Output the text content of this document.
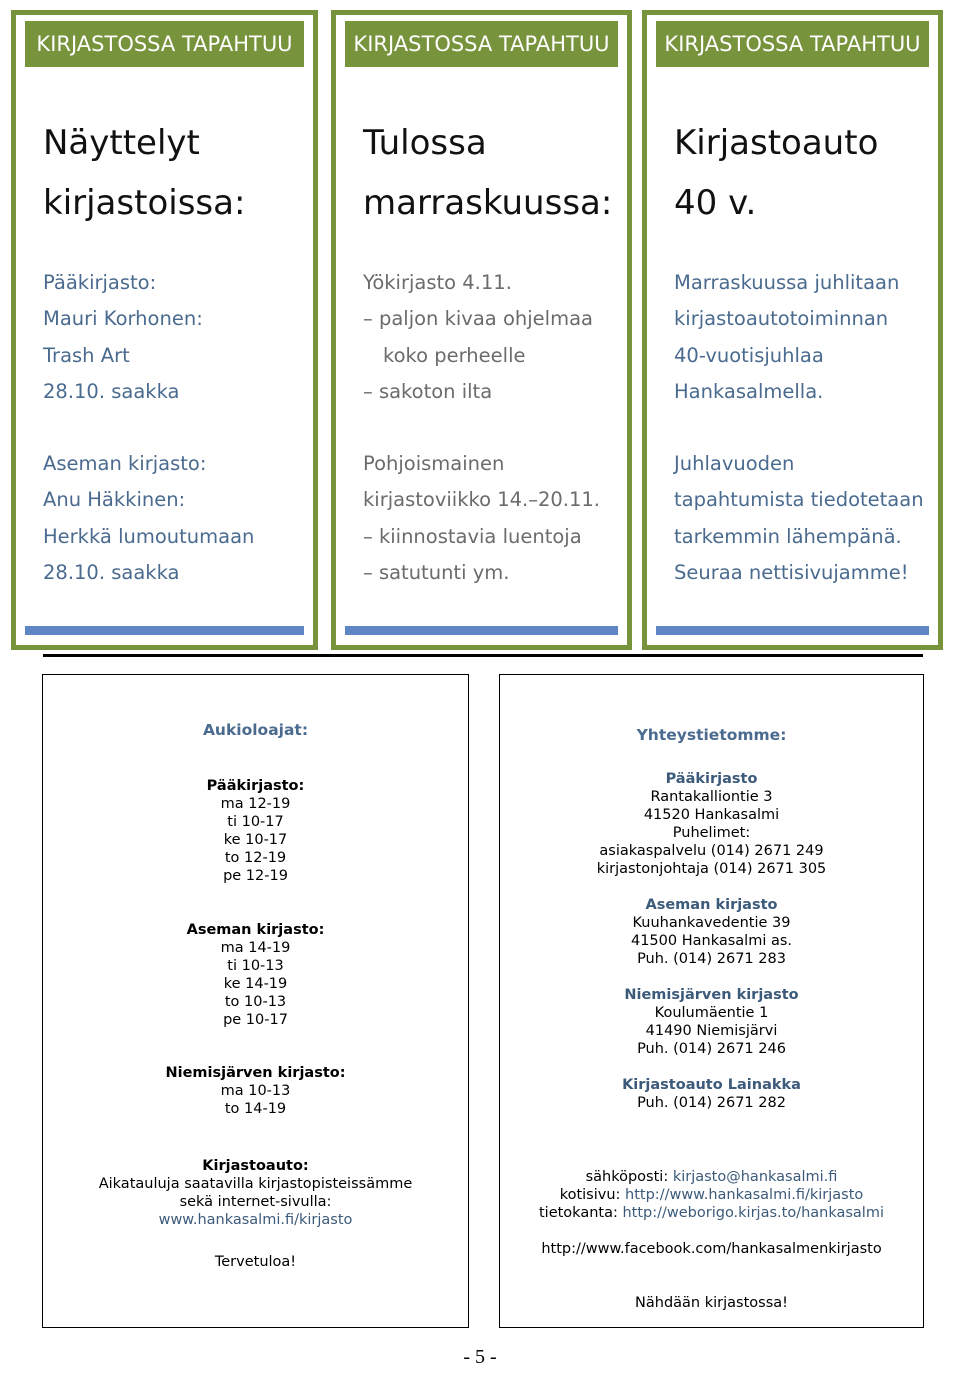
KIRJASTOSSA TAPAHTUU
Näyttelyt
kirjastoissa:
Pääkirjasto:
Mauri Korhonen:
Trash Art
28.10. saakka
Aseman kirjasto:
Anu Häkkinen:
Herkkä lumoutumaan
28.10. saakka
KIRJASTOSSA TAPAHTUU
Tulossa
marraskuussa:
Yökirjasto 4.11.
– paljon kivaa ohjelmaa
koko perheelle
– sakoton ilta
Pohjoismainen
kirjastoviikko 14.–20.11.
– kiinnostavia luentoja
– satutunti ym.
KIRJASTOSSA TAPAHTUU
Kirjastoauto
40 v.
Marraskuussa juhlitaan
kirjastoautotoiminnan
40-vuotisjuhlaa
Hankasalmella.
Juhlavuoden
tapahtumista tiedotetaan
tarkemmin lähempänä.
Seuraa nettisivujamme!
Aukioloajat:
Pääkirjasto:
ma 12-19
ti 10-17
ke 10-17
to 12-19
pe 12-19
Aseman kirjasto:
ma 14-19
ti 10-13
ke 14-19
to 10-13
pe 10-17
Niemisjärven kirjasto:
ma 10-13
to 14-19
Kirjastoauto:
Aikatauluja saatavilla kirjastopisteissämme
sekä internet-sivulla:
www.hankasalmi.fi/kirjasto
Tervetuloa!
Yhteystietomme:
Pääkirjasto
Rantakalliontie 3
41520 Hankasalmi
Puhelimet:
asiakaspalvelu (014) 2671 249
kirjastonjohtaja (014) 2671 305
Aseman kirjasto
Kuuhankavedentie 39
41500 Hankasalmi as.
Puh. (014) 2671 283
Niemisjärven kirjasto
Koulumäentie 1
41490 Niemisjärvi
Puh. (014) 2671 246
Kirjastoauto Lainakka
Puh. (014) 2671 282
sähköposti: kirjasto@hankasalmi.fi
kotisivu: http://www.hankasalmi.fi/kirjasto
tietokanta: http://weborigo.kirjas.to/hankasalmi
http://www.facebook.com/hankasalmenkirjasto
Nähdään kirjastossa!
- 5 -
